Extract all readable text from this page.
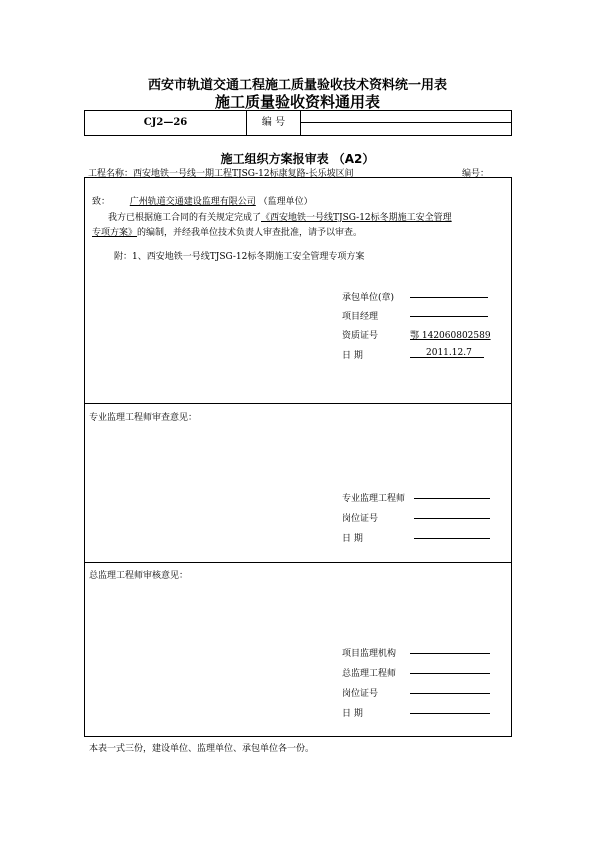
西安市轨道交通工程施工质量验收技术资料统一用表
施工质量验收资料通用表
CJ2—26	编 号
施工组织方案报审表 （A2）
工程名称：西安地铁一号线一期工程TJSG-12标康复路-长乐坡区间	编号：
致： 广州轨道交通建设监理有限公司 （监理单位）
我方已根据施工合同的有关规定完成了《西安地铁一号线TJSG-12标冬期施工安全管理
专项方案》的编制，并经我单位技术负责人审查批准，请予以审查。
附：1、西安地铁一号线TJSG-12标冬期施工安全管理专项方案
承包单位(章)
项目经理
资质证号	鄂 142060802589
日 期	2011.12.7
专业监理工程师审查意见：
专业监理工程师
岗位证号
日 期
总监理工程师审核意见：
项目监理机构
总监理工程师
岗位证号
日 期
本表一式三份，建设单位、监理单位、承包单位各一份。
